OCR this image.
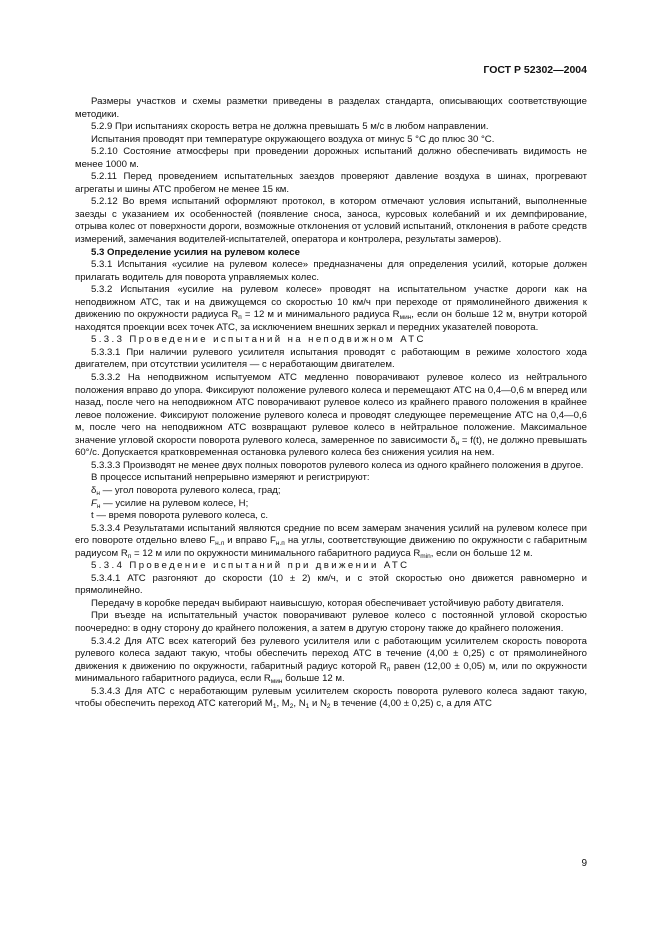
ГОСТ Р 52302—2004

Размеры участков и схемы разметки приведены в разделах стандарта, описывающих соответствующие методики.

5.2.9 При испытаниях скорость ветра не должна превышать 5 м/с в любом направлении.

Испытания проводят при температуре окружающего воздуха от минус 5 °С до плюс 30 °С.

5.2.10 Состояние атмосферы при проведении дорожных испытаний должно обеспечивать видимость не менее 1000 м.

5.2.11 Перед проведением испытательных заездов проверяют давление воздуха в шинах, прогревают агрегаты и шины АТС пробегом не менее 15 км.

5.2.12 Во время испытаний оформляют протокол, в котором отмечают условия испытаний, выполненные заезды с указанием их особенностей (появление сноса, заноса, курсовых колебаний и их демпфирование, отрыва колес от поверхности дороги, возможные отклонения от условий испытаний, отклонения в работе средств измерений, замечания водителей-испытателей, оператора и контролера, результаты замеров).

5.3 Определение усилия на рулевом колесе

5.3.1 Испытания «усилие на рулевом колесе» предназначены для определения усилий, которые должен прилагать водитель для поворота управляемых колес.

5.3.2 Испытания «усилие на рулевом колесе» проводят на испытательном участке дороги как на неподвижном АТС, так и на движущемся со скоростью 10 км/ч при переходе от прямолинейного движения к движению по окружности радиуса $R_п = 12$ м и минимального радиуса $R_{мин}$, если он больше 12 м, внутри которой находятся проекции всех точек АТС, за исключением внешних зеркал и передних указателей поворота.

5.3.3 Проведение испытаний на неподвижном АТС

5.3.3.1 При наличии рулевого усилителя испытания проводят с работающим в режиме холостого хода двигателем, при отсутствии усилителя — с неработающим двигателем.

5.3.3.2 На неподвижном испытуемом АТС медленно поворачивают рулевое колесо из нейтрального положения вправо до упора. Фиксируют положение рулевого колеса и перемещают АТС на 0,4—0,6 м вперед или назад, после чего на неподвижном АТС поворачивают рулевое колесо из крайнего правого положения в крайнее левое положение. Фиксируют положение рулевого колеса и проводят следующее перемещение АТС на 0,4—0,6 м, после чего на неподвижном АТС возвращают рулевое колесо в нейтральное положение. Максимальное значение угловой скорости поворота рулевого колеса, замеренное по зависимости $\delta_н = f(t)$, не должно превышать 60°/с. Допускается кратковременная остановка рулевого колеса без снижения усилия на нем.

5.3.3.3 Производят не менее двух полных поворотов рулевого колеса из одного крайнего положения в другое.

В процессе испытаний непрерывно измеряют и регистрируют:

$\delta_н$ — угол поворота рулевого колеса, град;

$F_н$ — усилие на рулевом колесе, Н;

t — время поворота рулевого колеса, с.

5.3.3.4 Результатами испытаний являются средние по всем замерам значения усилий на рулевом колесе при его повороте отдельно влево $F_{н.л}$ и вправо $F_{н.п}$ на углы, соответствующие движению по окружности с габаритным радиусом $R_п = 12$ м или по окружности минимального габаритного радиуса $R_{min}$, если он больше 12 м.

5.3.4 Проведение испытаний при движении АТС

5.3.4.1 АТС разгоняют до скорости (10 ± 2) км/ч, и с этой скоростью оно движется равномерно и прямолинейно.

Передачу в коробке передач выбирают наивысшую, которая обеспечивает устойчивую работу двигателя.

При въезде на испытательный участок поворачивают рулевое колесо с постоянной угловой скоростью поочередно: в одну сторону до крайнего положения, а затем в другую сторону также до крайнего положения.

5.3.4.2 Для АТС всех категорий без рулевого усилителя или с работающим усилителем скорость поворота рулевого колеса задают такую, чтобы обеспечить переход АТС в течение (4,00 ± 0,25) с от прямолинейного движения к движению по окружности, габаритный радиус которой $R_п$ равен (12,00 ± 0,05) м, или по окружности минимального габаритного радиуса, если $R_{мин}$ больше 12 м.

5.3.4.3 Для АТС с неработающим рулевым усилителем скорость поворота рулевого колеса задают такую, чтобы обеспечить переход АТС категорий $M_1$, $M_2$, $N_1$ и $N_2$ в течение (4,00 ± 0,25) с, а для АТС

9
